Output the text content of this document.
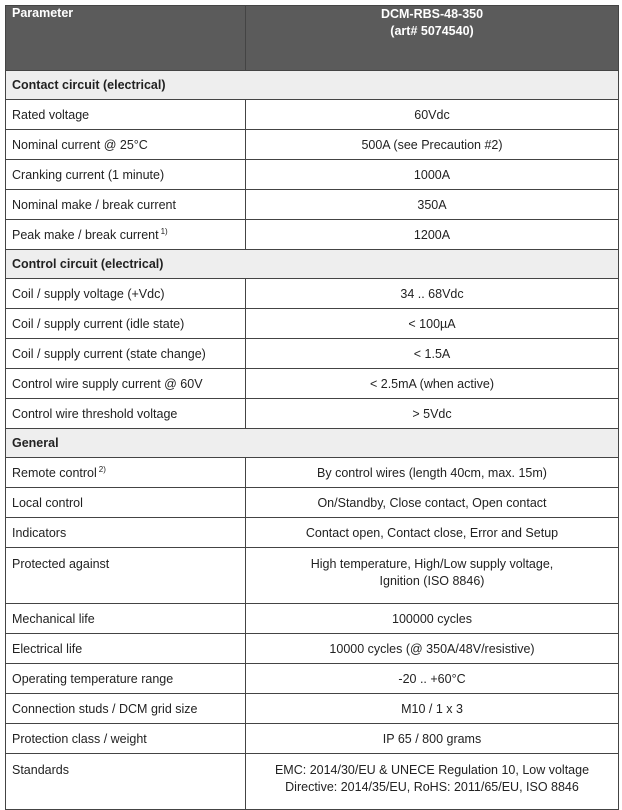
Parameter	DCM-RBS-48-350
(art# 5074540)

Contact circuit (electrical)	
Rated voltage	60Vdc
Nominal current @ 25°C	500A (see Precaution #2)
Cranking current (1 minute)	1000A
Nominal make / break current	350A
Peak make / break current $^{1)}$	1200A
Control circuit (electrical)	
Coil / supply voltage (+Vdc)	34 .. 68Vdc
Coil / supply current (idle state)	< 100µA
Coil / supply current (state change)	< 1.5A
Control wire supply current @ 60V	< 2.5mA (when active)
Control wire threshold voltage	> 5Vdc
General	
Remote control $^{2)}$	By control wires (length 40cm, max. 15m)
Local control	On/Standby, Close contact, Open contact
Indicators	Contact open, Contact close, Error and Setup
Protected against	High temperature, High/Low supply voltage,
Ignition (ISO 8846)

Mechanical life	100000 cycles
Electrical life	10000 cycles (@ 350A/48V/resistive)
Operating temperature range	-20 .. +60°C
Connection studs / DCM grid size	M10 / 1 x 3
Protection class / weight	IP 65 / 800 grams
Standards	EMC: 2014/30/EU & UNECE Regulation 10, Low voltage
Directive: 2014/35/EU, RoHS: 2011/65/EU, ISO 8846
